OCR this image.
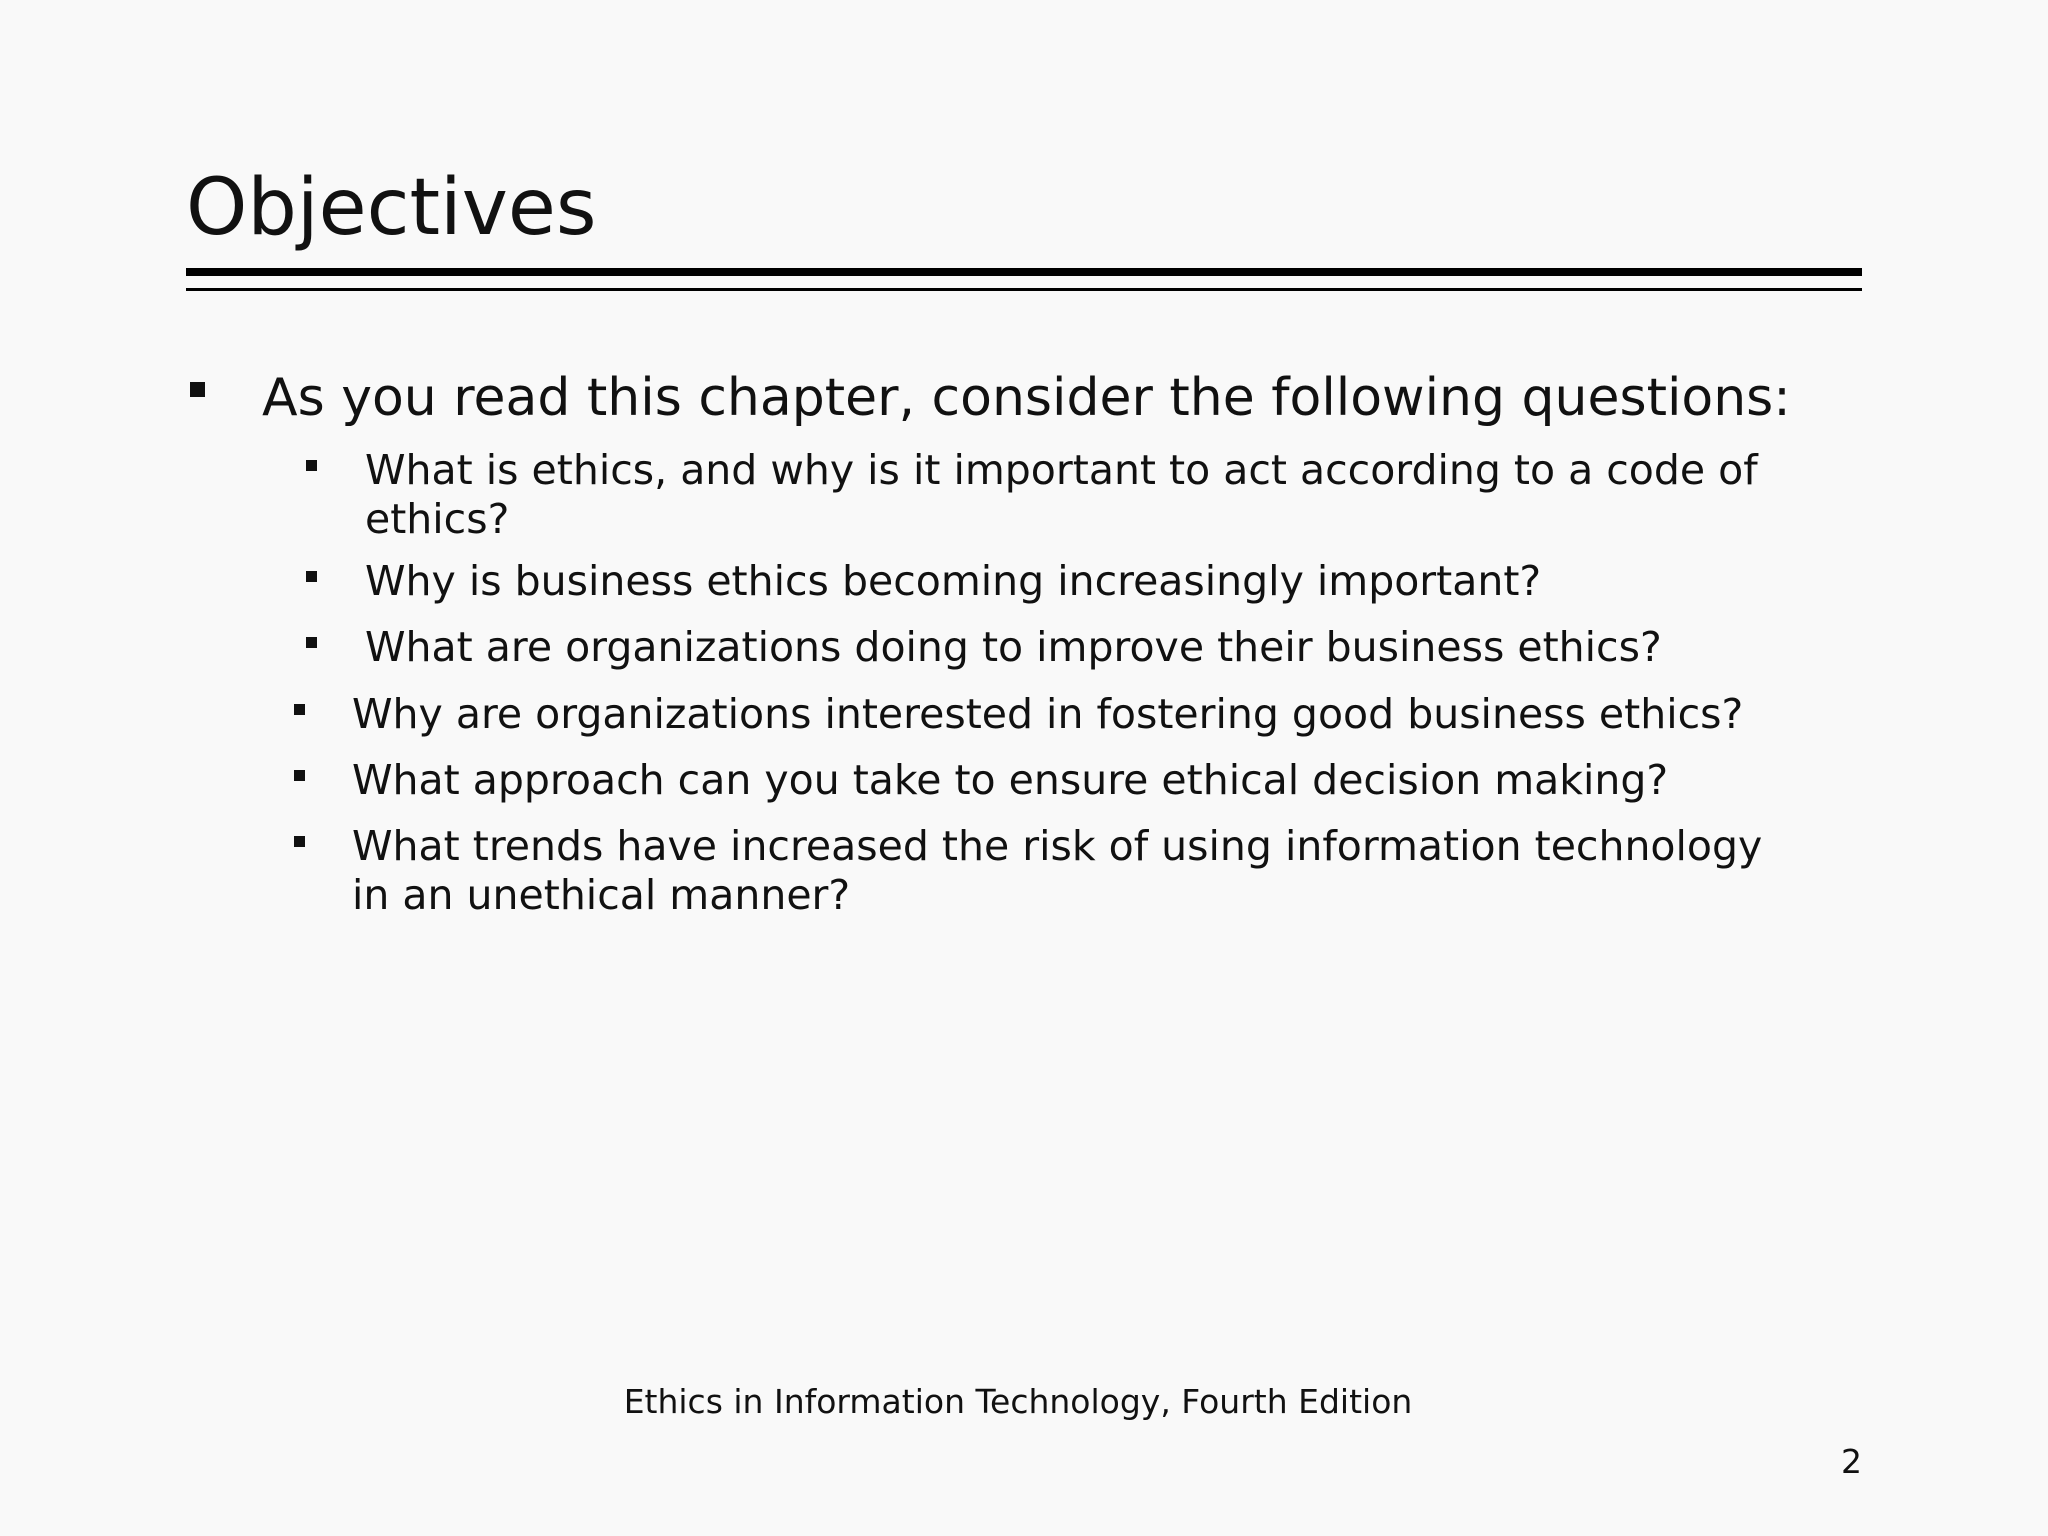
Objectives
As you read this chapter, consider the following questions:
What is ethics, and why is it important to act according to a code of
ethics?
Why is business ethics becoming increasingly important?
What are organizations doing to improve their business ethics?
Why are organizations interested in fostering good business ethics?
What approach can you take to ensure ethical decision making?
What trends have increased the risk of using information technology
in an unethical manner?
Ethics in Information Technology, Fourth Edition
2
